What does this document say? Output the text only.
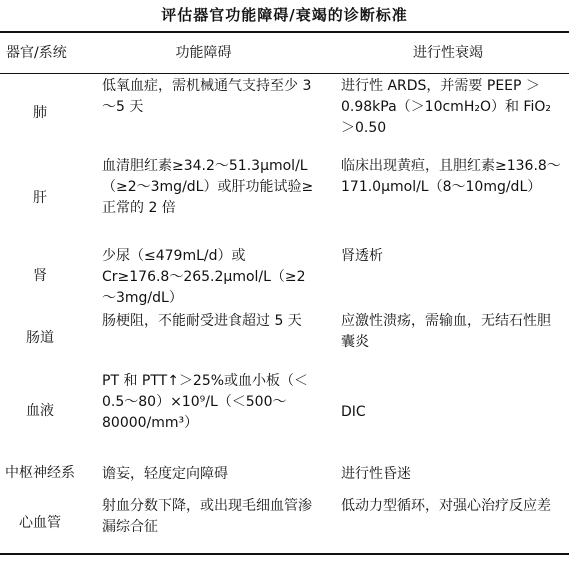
评估器官功能障碍/衰竭的诊断标准
器官/系统	功能障碍	进行性衰竭
肺	低氧血症，需机械通气支持至少 3～5 天	进行性 ARDS，并需要 PEEP ＞0.98kPa（＞10cmH₂O）和 FiO₂＞0.50
肝	血清胆红素≥34.2～51.3μmol/L（≥2～3mg/dL）或肝功能试验≥正常的 2 倍	临床出现黄疸，且胆红素≥136.8～171.0μmol/L（8～10mg/dL）
肾	少尿（≤479mL/d）或 Cr≥176.8～265.2μmol/L（≥2～3mg/dL）	肾透析
肠道	肠梗阻，不能耐受进食超过 5 天	应激性溃疡，需输血，无结石性胆囊炎
血液	PT 和 PTT↑＞25%或血小板（＜0.5～80）×10⁹/L（＜500～80000/mm³）	DIC
中枢神经系	谵妄，轻度定向障碍	进行性昏迷
心血管	射血分数下降，或出现毛细血管渗漏综合征	低动力型循环，对强心治疗反应差
